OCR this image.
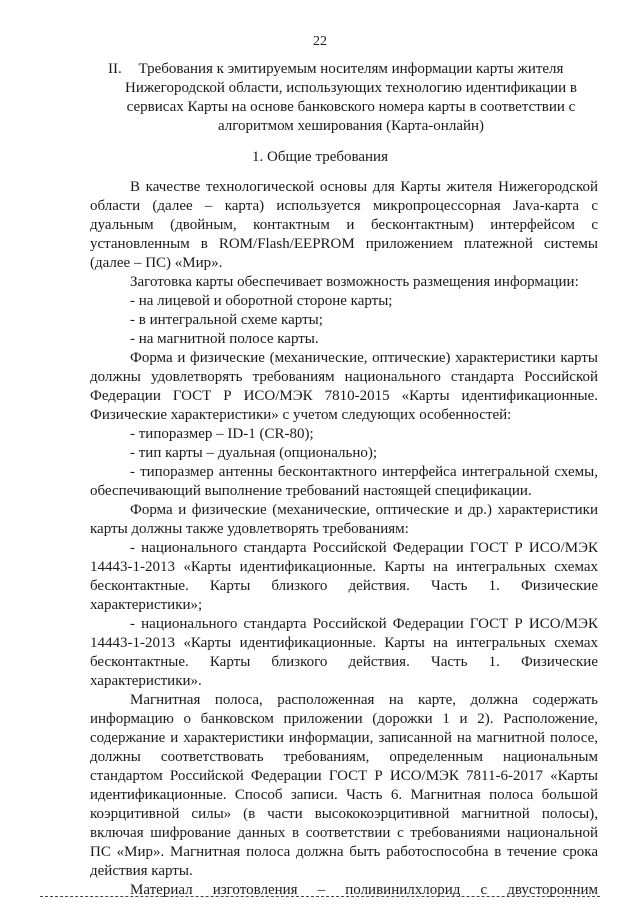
22
II. Требования к эмитируемым носителям информации карты жителя Нижегородской области, использующих технологию идентификации в сервисах Карты на основе банковского номера карты в соответствии с алгоритмом хеширования (Карта-онлайн)
1. Общие требования

В качестве технологической основы для Карты жителя Нижегородской области (далее – карта) используется микропроцессорная Java-карта с дуальным (двойным, контактным и бесконтактным) интерфейсом с установленным в ROM/Flash/EEPROM приложением платежной системы (далее – ПС) «Мир».

Заготовка карты обеспечивает возможность размещения информации:

- на лицевой и оборотной стороне карты;

- в интегральной схеме карты;

- на магнитной полосе карты.

Форма и физические (механические, оптические) характеристики карты должны удовлетворять требованиям национального стандарта Российской Федерации ГОСТ Р ИСО/МЭК 7810-2015 «Карты идентификационные. Физические характеристики» с учетом следующих особенностей:

- типоразмер – ID-1 (CR-80);

- тип карты – дуальная (опционально);

- типоразмер антенны бесконтактного интерфейса интегральной схемы, обеспечивающий выполнение требований настоящей спецификации.

Форма и физические (механические, оптические и др.) характеристики карты должны также удовлетворять требованиям:

- национального стандарта Российской Федерации ГОСТ Р ИСО/МЭК 14443-1-2013 «Карты идентификационные. Карты на интегральных схемах бесконтактные. Карты близкого действия. Часть 1. Физические характеристики»;

- национального стандарта Российской Федерации ГОСТ Р ИСО/МЭК 14443-1-2013 «Карты идентификационные. Карты на интегральных схемах бесконтактные. Карты близкого действия. Часть 1. Физические характеристики».

Магнитная полоса, расположенная на карте, должна содержать информацию о банковском приложении (дорожки 1 и 2). Расположение, содержание и характеристики информации, записанной на магнитной полосе, должны соответствовать требованиям, определенным национальным стандартом Российской Федерации ГОСТ Р ИСО/МЭК 7811-6-2017 «Карты идентификационные. Способ записи. Часть 6. Магнитная полоса большой коэрцитивной силы» (в части высококоэрцитивной магнитной полосы), включая шифрование данных в соответствии с требованиями национальной ПС «Мир». Магнитная полоса должна быть работоспособна в течение срока действия карты.

Материал изготовления – поливинилхлорид с двусторонним
